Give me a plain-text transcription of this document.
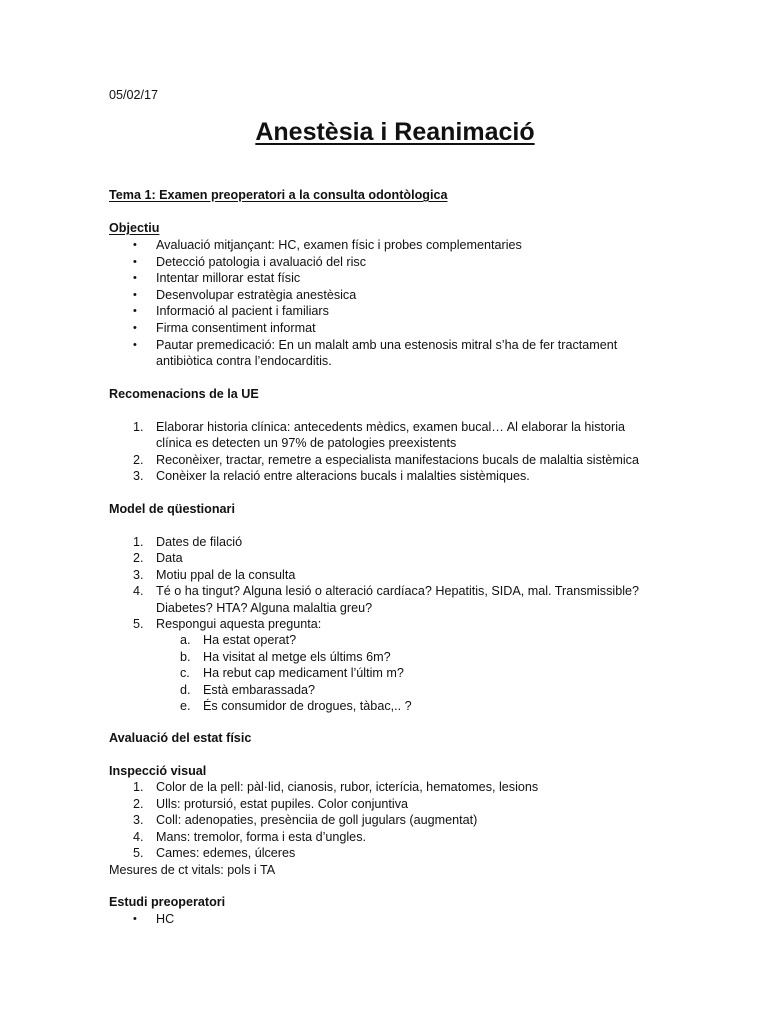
05/02/17
Anestèsia i Reanimació
Tema 1: Examen preoperatori a la consulta odontòlogica
Objectiu
• Avaluació mitjançant: HC, examen físic i probes complementaries
• Detecció patologia i avaluació del risc
• Intentar millorar estat físic
• Desenvolupar estratègia anestèsica
• Informació al pacient i familiars
• Firma consentiment informat
• Pautar premedicació: En un malalt amb una estenosis mitral s’ha de fer tractament
antibiòtica contra l’endocarditis.
Recomenacions de la UE
1. Elaborar historia clínica: antecedents mèdics, examen bucal… Al elaborar la historia
clínica es detecten un 97% de patologies preexistents
2. Reconèixer, tractar, remetre a especialista manifestacions bucals de malaltia sistèmica
3. Conèixer la relació entre alteracions bucals i malalties sistèmiques.
Model de qüestionari
1. Dates de filació
2. Data
3. Motiu ppal de la consulta
4. Té o ha tingut? Alguna lesió o alteració cardíaca? Hepatitis, SIDA, mal. Transmissible?
Diabetes? HTA? Alguna malaltia greu?
5. Respongui aquesta pregunta:
a. Ha estat operat?
b. Ha visitat al metge els últims 6m?
c. Ha rebut cap medicament l’últim m?
d. Està embarassada?
e. És consumidor de drogues, tàbac,.. ?
Avaluació del estat físic
Inspecció visual
1. Color de la pell: pàl·lid, cianosis, rubor, icterícia, hematomes, lesions
2. Ulls: protursió, estat pupiles. Color conjuntiva
3. Coll: adenopaties, presènciia de goll jugulars (augmentat)
4. Mans: tremolor, forma i esta d’ungles.
5. Cames: edemes, úlceres
Mesures de ct vitals: pols i TA
Estudi preoperatori
• HC
